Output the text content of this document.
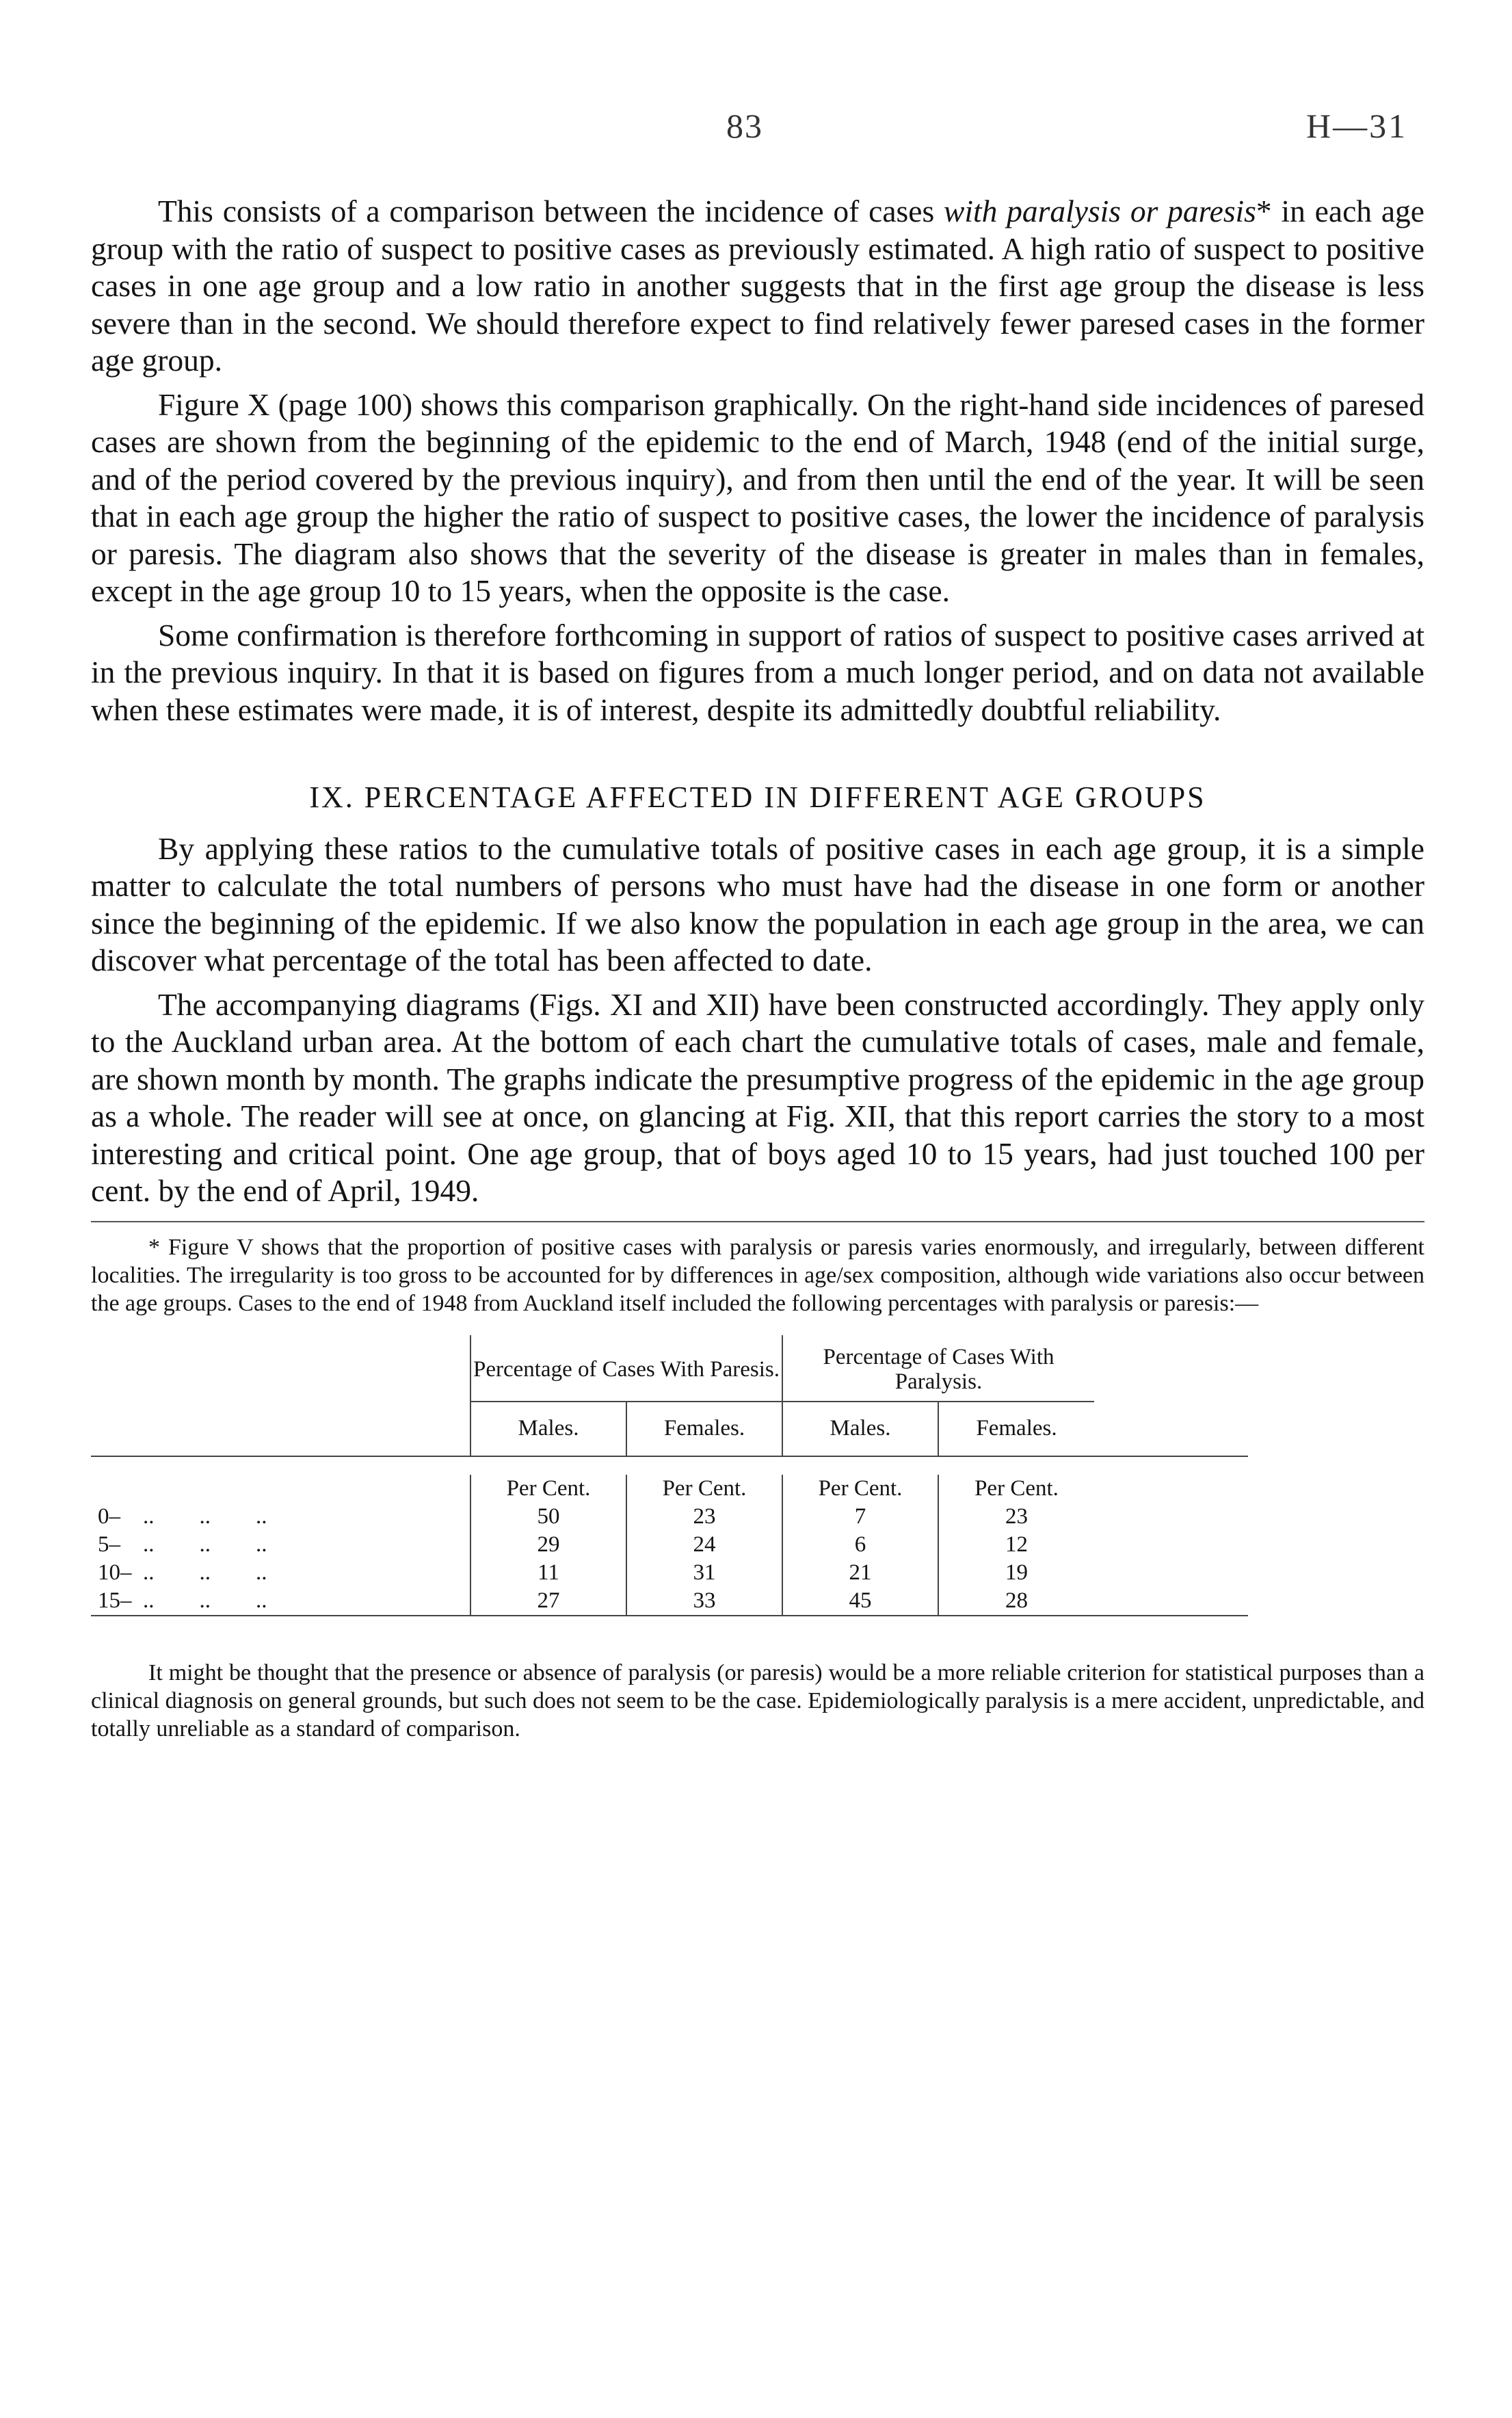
83	H—31

This consists of a comparison between the incidence of cases with paralysis or paresis* in each age group with the ratio of suspect to positive cases as previously estimated. A high ratio of suspect to positive cases in one age group and a low ratio in another suggests that in the first age group the disease is less severe than in the second. We should therefore expect to find relatively fewer paresed cases in the former age group.

Figure X (page 100) shows this comparison graphically. On the right-hand side incidences of paresed cases are shown from the beginning of the epidemic to the end of March, 1948 (end of the initial surge, and of the period covered by the previous inquiry), and from then until the end of the year. It will be seen that in each age group the higher the ratio of suspect to positive cases, the lower the incidence of paralysis or paresis. The diagram also shows that the severity of the disease is greater in males than in females, except in the age group 10 to 15 years, when the opposite is the case.

Some confirmation is therefore forthcoming in support of ratios of suspect to positive cases arrived at in the previous inquiry. In that it is based on figures from a much longer period, and on data not available when these estimates were made, it is of interest, despite its admittedly doubtful reliability.

IX. PERCENTAGE AFFECTED IN DIFFERENT AGE GROUPS

By applying these ratios to the cumulative totals of positive cases in each age group, it is a simple matter to calculate the total numbers of persons who must have had the disease in one form or another since the beginning of the epidemic. If we also know the population in each age group in the area, we can discover what percentage of the total has been affected to date.

The accompanying diagrams (Figs. XI and XII) have been constructed accordingly. They apply only to the Auckland urban area. At the bottom of each chart the cumulative totals of cases, male and female, are shown month by month. The graphs indicate the presumptive progress of the epidemic in the age group as a whole. The reader will see at once, on glancing at Fig. XII, that this report carries the story to a most interesting and critical point. One age group, that of boys aged 10 to 15 years, had just touched 100 per cent. by the end of April, 1949.

* Figure V shows that the proportion of positive cases with paralysis or paresis varies enormously, and irregularly, between different localities. The irregularity is too gross to be accounted for by differences in age/sex composition, although wide variations also occur between the age groups. Cases to the end of 1948 from Auckland itself included the following percentages with paralysis or paresis:—

	Percentage of Cases With Paresis.		Percentage of Cases With Paralysis.		
	Males.	Females.	Males.	Females.	

	Per Cent.	Per Cent.	Per Cent.	Per Cent.	
0–    ..        ..        ..	50	23	7	23	
5–    ..        ..        ..	29	24	6	12	
10–  ..        ..        ..	11	31	21	19	
15–  ..        ..        ..	27	33	45	28	

It might be thought that the presence or absence of paralysis (or paresis) would be a more reliable criterion for statistical purposes than a clinical diagnosis on general grounds, but such does not seem to be the case. Epidemiologically paralysis is a mere accident, unpredictable, and totally unreliable as a standard of comparison.
